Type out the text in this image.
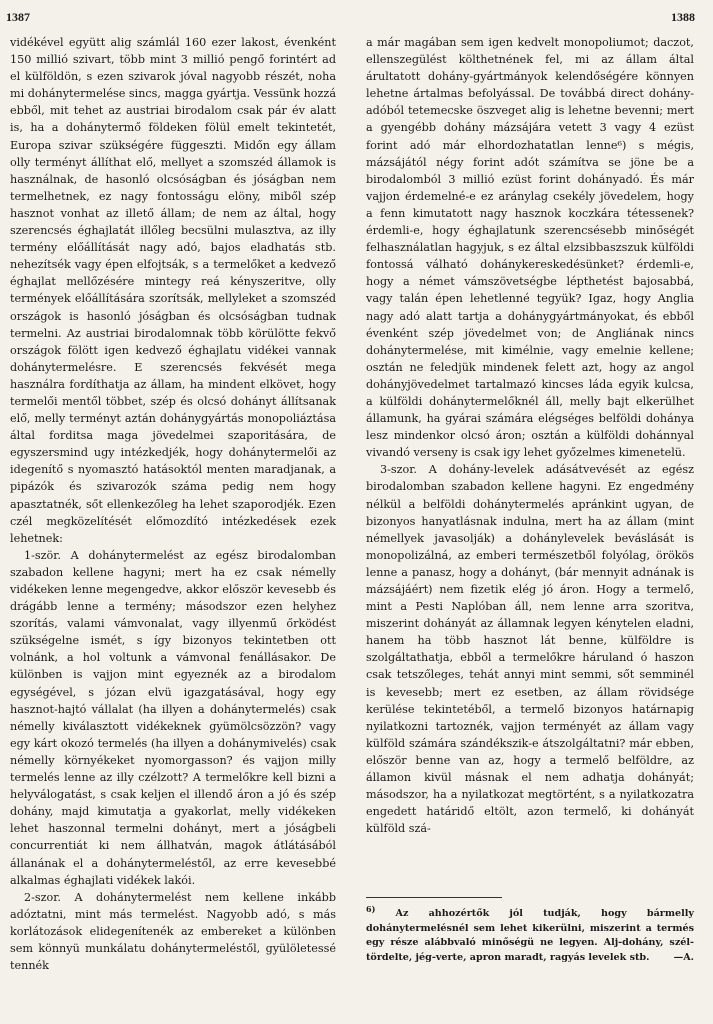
1387	1388

vidékével együtt alig számlál 160 ezer lakost, évenként 150 millió szivart, több mint 3 millió pengő forintért ad el külföldön, s ezen szivarok jóval nagyobb részét, noha mi dohánytermelése sincs, magga gyártja. Vessünk hozzá ebből, mit tehet az austriai birodalom csak pár év alatt is, ha a dohánytermő földeken fölül emelt tekintetét, Europa szivar szükségére függeszti. Midőn egy állam olly terményt állíthat elő, mellyet a szomszéd államok is használnak, de hasonló olcsóságban és jóságban nem termelhetnek, ez nagy fontosságu elöny, miből szép hasznot vonhat az illető állam; de nem az által, hogy szerencsés éghajlatát illőleg becsülni mulasztva, az illy termény előállítását nagy adó, bajos eladhatás stb. nehezítsék vagy épen elfojtsák, s a termelőket a kedvező éghajlat mellőzésére mintegy reá kényszeritve, olly termények előállítására szorítsák, mellyleket a szomszéd országok is hasonló jóságban és olcsóságban tudnak termelni. Az austriai birodalomnak több körülötte fekvő országok fölött igen kedvező éghajlatu vidékei vannak dohánytermelésre. E szerencsés fekvését mega használra fordíthatja az állam, ha mindent elkövet, hogy termelői mentől többet, szép és olcsó dohányt állítsanak elő, melly terményt aztán dohánygyártás monopoliáztása által forditsa maga jövedelmei szaporitására, de egyszersmind ugy intézkedjék, hogy dohánytermelői az idegenítő s nyomasztó hatásoktól menten maradjanak, a pipázók és szivarozók száma pedig nem hogy apasztatnék, sőt ellenkezőleg ha lehet szaporodjék. Ezen czél megközelítését előmozdító intézkedések ezek lehetnek:

1-ször. A dohánytermelést az egész birodalomban szabadon kellene hagyni; mert ha ez csak némelly vidékeken lenne megengedve, akkor először kevesebb és drágább lenne a termény; másodszor ezen helyhez szorítás, valami vámvonalat, vagy illyenmű őrködést szükségelne ismét, s így bizonyos tekintetben ott volnánk, a hol voltunk a vámvonal fenállásakor. De különben is vajjon mint egyeznék az a birodalom egységével, s józan elvü igazgatásával, hogy egy hasznot-hajtó vállalat (ha illyen a dohánytermelés) csak némelly kiválasztott vidékeknek gyümölcsözzön? vagy egy kárt okozó termelés (ha illyen a dohánymivelés) csak némelly környékeket nyomorgasson? és vajjon milly termelés lenne az illy czélzott? A termelőkre kell bizni a helyválogatást, s csak keljen el illendő áron a jó és szép dohány, majd kimutatja a gyakorlat, melly vidékeken lehet haszonnal termelni dohányt, mert a jóságbeli concurrentiát ki nem állhatván, magok átlátásából állanának el a dohánytermeléstől, az erre kevesebbé alkalmas éghajlati vidékek lakói.

2-szor. A dohánytermelést nem kellene inkább adóztatni, mint más termelést. Nagyobb adó, s más korlátozások elidegenítenék az embereket a különben sem könnyü munkálatu dohánytermeléstől, gyülöletessé tennék

a már magában sem igen kedvelt monopoliumot; daczot, ellenszegülést költhetnének fel, mi az állam által árultatott dohány-gyártmányok kelendőségére könnyen lehetne ártalmas befolyással. De továbbá direct dohány-adóból tetemecske öszveget alig is lehetne bevenni; mert a gyengébb dohány mázsájára vetett 3 vagy 4 ezüst forint adó már elhordozhatatlan lenne⁶) s mégis, mázsájától négy forint adót számítva se jöne be a birodalomból 3 millió ezüst forint dohányadó. És már vajjon érdemelné-e ez aránylag csekély jövedelem, hogy a fenn kimutatott nagy hasznok koczkára tétessenek? érdemli-e, hogy éghajlatunk szerencsésebb minőségét felhasználatlan hagyjuk, s ez által elzsibbaszszuk külföldi fontossá válható dohánykereskedésünket? érdemli-e, hogy a német vámszövetségbe lépthetést bajosabbá, vagy talán épen lehetlenné tegyük? Igaz, hogy Anglia nagy adó alatt tartja a dohánygyártmányokat, és ebből évenként szép jövedelmet von; de Angliának nincs dohánytermelése, mit kimélnie, vagy emelnie kellene; osztán ne feledjük mindenek felett azt, hogy az angol dohányjövedelmet tartalmazó kincses láda egyik kulcsa, a külföldi dohánytermelőknél áll, melly bajt elkerülhet államunk, ha gyárai számára elégséges belföldi dohánya lesz mindenkor olcsó áron; osztán a külföldi dohánnyal vivandó verseny is csak igy lehet győzelmes kimenetelü.

3-szor. A dohány-levelek adásátvevését az egész birodalomban szabadon kellene hagyni. Ez engedmény nélkül a belföldi dohánytermelés apránkint ugyan, de bizonyos hanyatlásnak indulna, mert ha az állam (mint némellyek javasolják) a dohánylevelek beváslását is monopolizálná, az emberi természetből folyólag, örökös lenne a panasz, hogy a dohányt, (bár mennyit adnának is mázsájáért) nem fizetik elég jó áron. Hogy a termelő, mint a Pesti Naplóban áll, nem lenne arra szoritva, miszerint dohányát az államnak legyen kénytelen eladni, hanem ha több hasznot lát benne, külföldre is szolgáltathatja, ebből a termelőkre háruland ó haszon csak tetszőleges, tehát annyi mint semmi, sőt semminél is kevesebb; mert ez esetben, az állam rövidsége kerülése tekintetéből, a termelő bizonyos határnapig nyilatkozni tartoznék, vajjon terményét az állam vagy külföld számára szándékszik-e átszolgáltatni? már ebben, először benne van az, hogy a termelő belföldre, az államon kivül másnak el nem adhatja dohányát; másodszor, ha a nyilatkozat megtörtént, s a nyilatkozatra engedett határidő eltölt, azon termelő, ki dohányát külföld szá-

$^{6)}$ Az ahhozértők jól tudják, hogy bármelly dohánytermelésnél sem lehet kikerülni, miszerint a termés egy része alábbvaló minőségü ne legyen. Alj-dohány, szél-tördelte, jég-verte, apron maradt, ragyás levelek stb.	—A.
